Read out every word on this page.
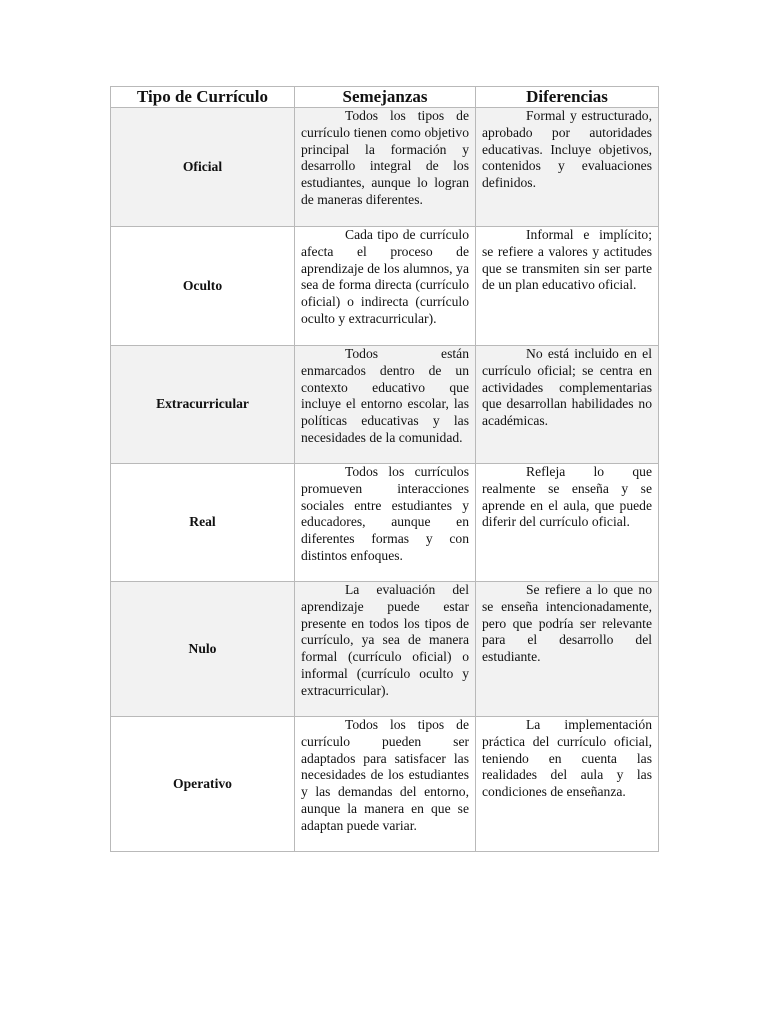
Tipo de Currículo	Semejanzas	Diferencias
Oficial	Todos los tipos de currículo tienen como objetivo principal la formación y desarrollo integral de los estudiantes, aunque lo logran de maneras diferentes.	Formal y estructurado, aprobado por autoridades educativas. Incluye objetivos, contenidos y evaluaciones definidos.
Oculto	Cada tipo de currículo afecta el proceso de aprendizaje de los alumnos, ya sea de forma directa (currículo oficial) o indirecta (currículo oculto y extracurricular).	Informal e implícito; se refiere a valores y actitudes que se transmiten sin ser parte de un plan educativo oficial.
Extracurricular	Todos están enmarcados dentro de un contexto educativo que incluye el entorno escolar, las políticas educativas y las necesidades de la comunidad.	No está incluido en el currículo oficial; se centra en actividades complementarias que desarrollan habilidades no académicas.
Real	Todos los currículos promueven interacciones sociales entre estudiantes y educadores, aunque en diferentes formas y con distintos enfoques.	Refleja lo que realmente se enseña y se aprende en el aula, que puede diferir del currículo oficial.
Nulo	La evaluación del aprendizaje puede estar presente en todos los tipos de currículo, ya sea de manera formal (currículo oficial) o informal (currículo oculto y extracurricular).	Se refiere a lo que no se enseña intencionadamente, pero que podría ser relevante para el desarrollo del estudiante.
Operativo	Todos los tipos de currículo pueden ser adaptados para satisfacer las necesidades de los estudiantes y las demandas del entorno, aunque la manera en que se adaptan puede variar.	La implementación práctica del currículo oficial, teniendo en cuenta las realidades del aula y las condiciones de enseñanza.
